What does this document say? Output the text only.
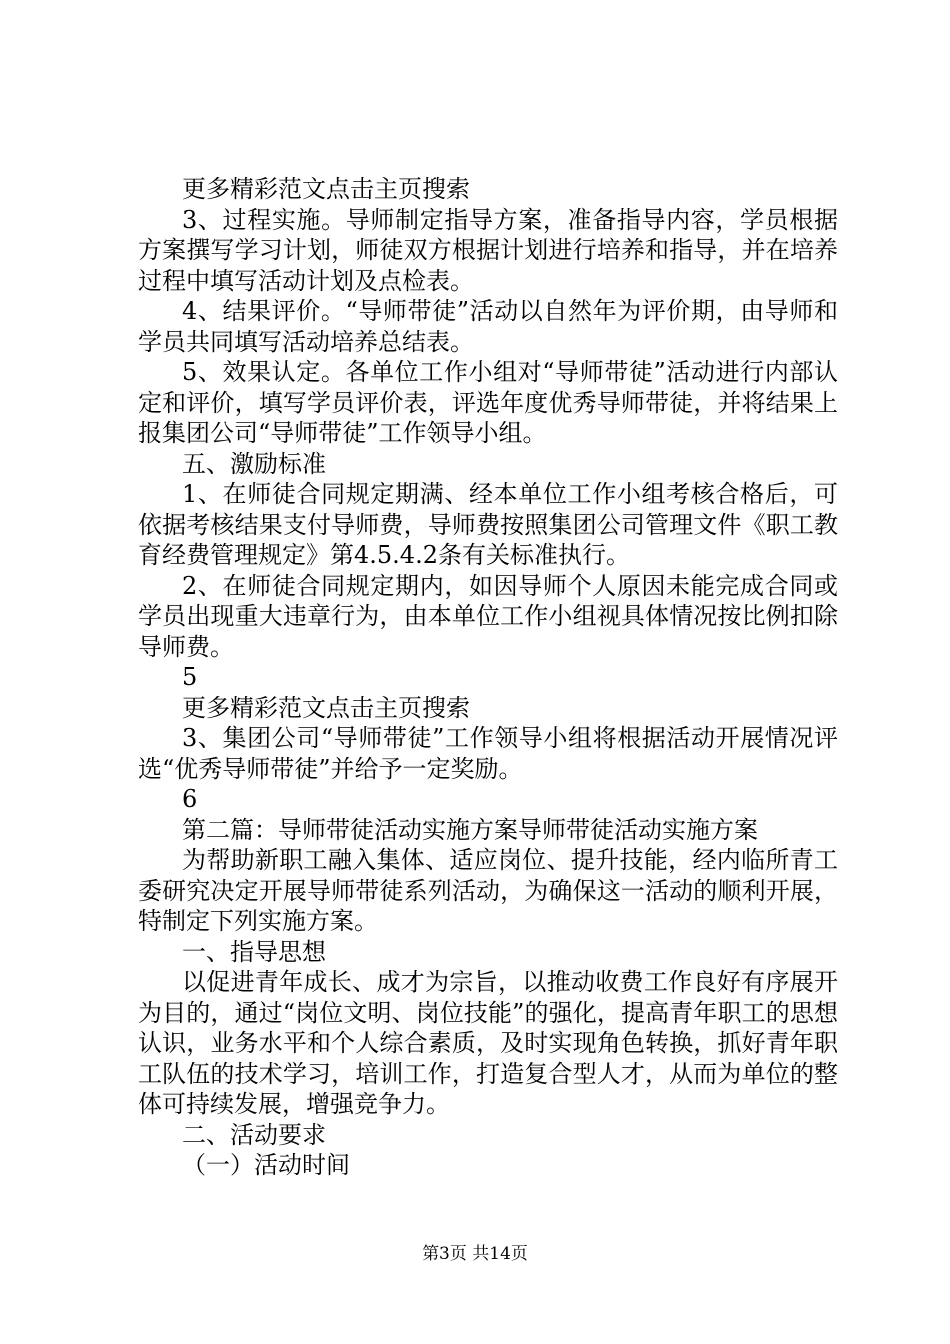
更多精彩范文点击主页搜索

3、过程实施。导师制定指导方案，准备指导内容，学员根据方案撰写学习计划，师徒双方根据计划进行培养和指导，并在培养过程中填写活动计划及点检表。

4、结果评价。“导师带徒”活动以自然年为评价期，由导师和学员共同填写活动培养总结表。

5、效果认定。各单位工作小组对“导师带徒”活动进行内部认定和评价，填写学员评价表，评选年度优秀导师带徒，并将结果上报集团公司“导师带徒”工作领导小组。

五、激励标准

1、在师徒合同规定期满、经本单位工作小组考核合格后，可依据考核结果支付导师费，导师费按照集团公司管理文件《职工教育经费管理规定》第4.5.4.2条有关标准执行。

2、在师徒合同规定期内，如因导师个人原因未能完成合同或学员出现重大违章行为，由本单位工作小组视具体情况按比例扣除导师费。

5

更多精彩范文点击主页搜索

3、集团公司“导师带徒”工作领导小组将根据活动开展情况评选“优秀导师带徒”并给予一定奖励。

6

第二篇：导师带徒活动实施方案导师带徒活动实施方案

为帮助新职工融入集体、适应岗位、提升技能，经内临所青工委研究决定开展导师带徒系列活动，为确保这一活动的顺利开展，特制定下列实施方案。

一、指导思想

以促进青年成长、成才为宗旨，以推动收费工作良好有序展开为目的，通过“岗位文明、岗位技能”的强化，提高青年职工的思想认识，业务水平和个人综合素质，及时实现角色转换，抓好青年职工队伍的技术学习，培训工作，打造复合型人才，从而为单位的整体可持续发展，增强竞争力。

二、活动要求

（一）活动时间

第3页 共14页
